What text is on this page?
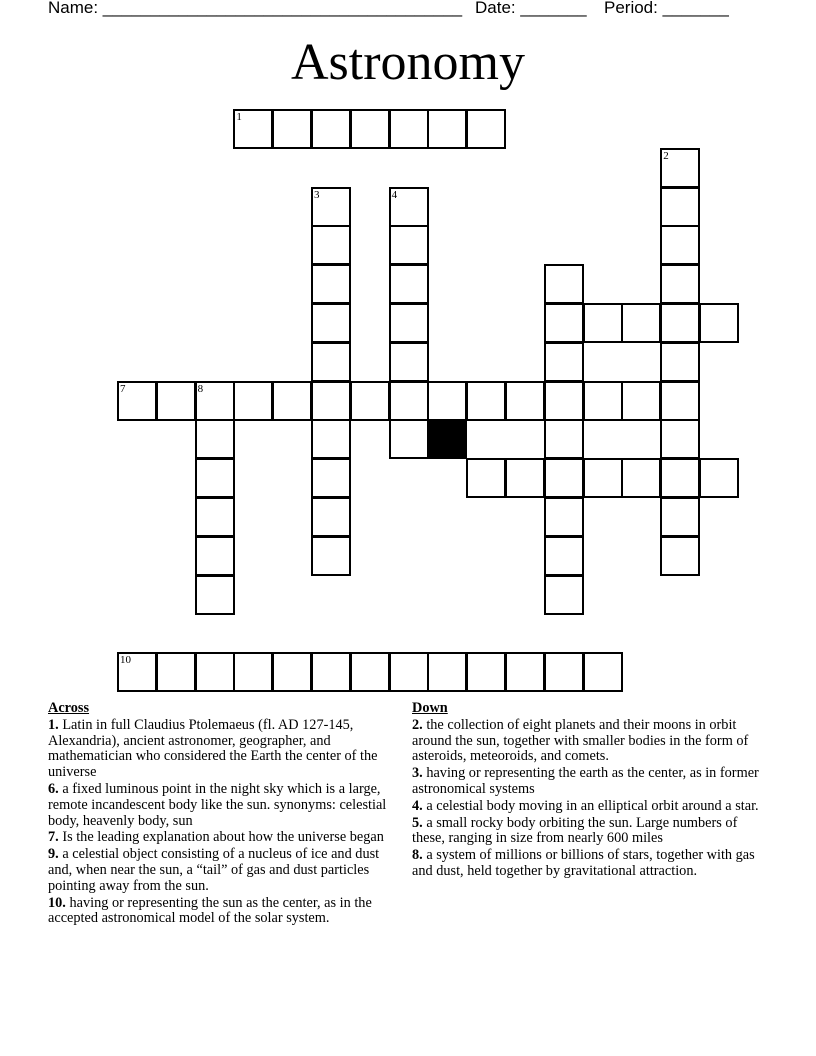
Name: ______________________________________ Date: _______ Period: _______
Astronomy
1
2
3	4
7	8
10
Across
1. Latin in full Claudius Ptolemaeus (fl. AD 127-145, Alexandria), ancient astronomer, geographer, and mathematician who considered the Earth the center of the universe
6. a fixed luminous point in the night sky which is a large, remote incandescent body like the sun. synonyms: celestial body, heavenly body, sun
7. Is the leading explanation about how the universe began
9. a celestial object consisting of a nucleus of ice and dust and, when near the sun, a “tail” of gas and dust particles pointing away from the sun.
10. having or representing the sun as the center, as in the accepted astronomical model of the solar system.
Down
2. the collection of eight planets and their moons in orbit around the sun, together with smaller bodies in the form of asteroids, meteoroids, and comets.
3. having or representing the earth as the center, as in former astronomical systems
4. a celestial body moving in an elliptical orbit around a star.
5. a small rocky body orbiting the sun. Large numbers of these, ranging in size from nearly 600 miles
8. a system of millions or billions of stars, together with gas and dust, held together by gravitational attraction.
